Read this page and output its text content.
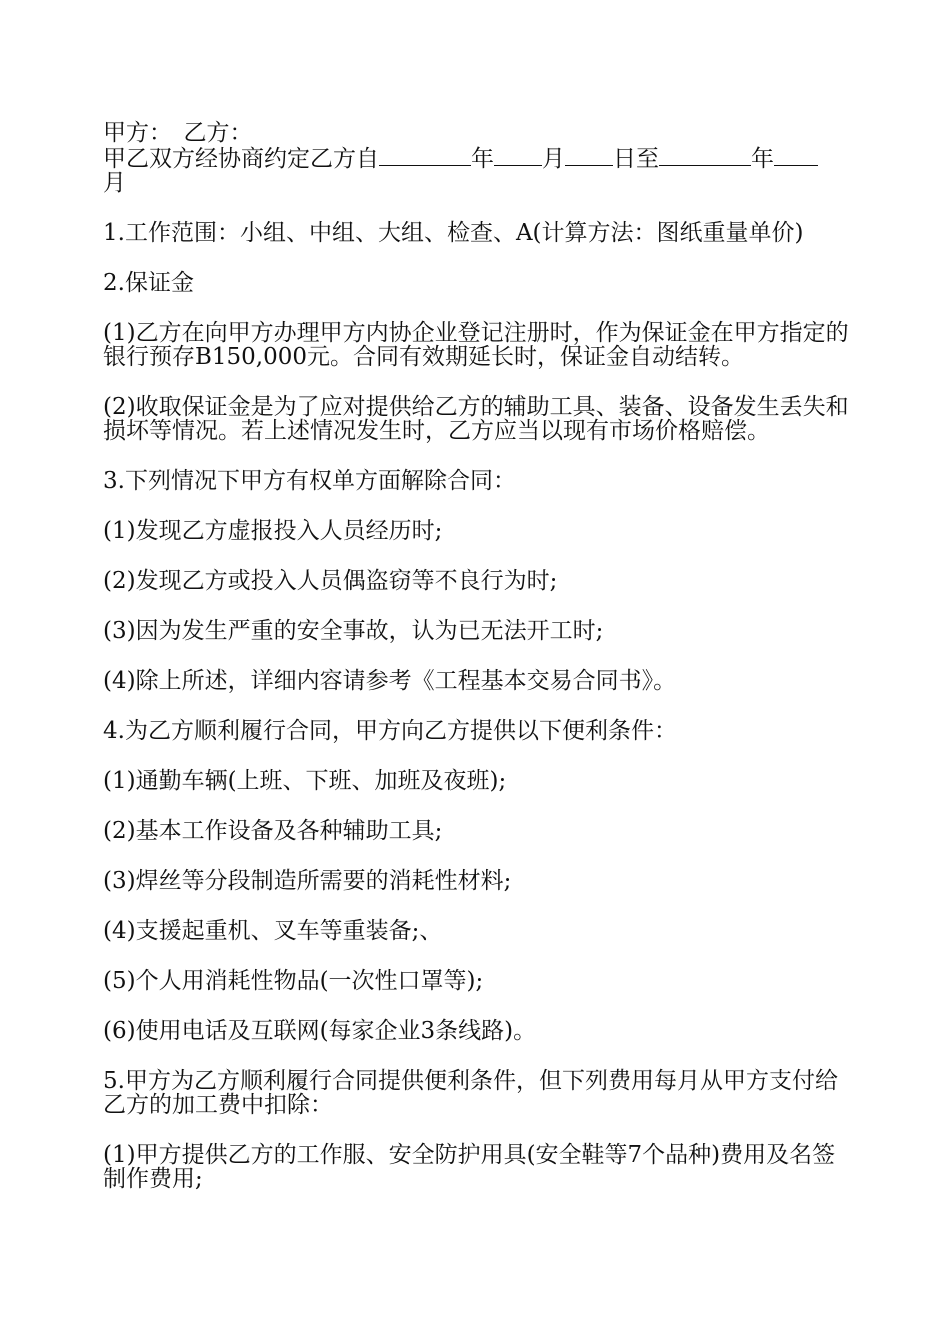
甲方：　乙方：

甲乙双方经协商约定乙方自	年 月 日至	年
月

1.工作范围：小组、中组、大组、检查、A(计算方法：图纸重量单价)

2.保证金

(1)乙方在向甲方办理甲方内协企业登记注册时，作为保证金在甲方指定的银行预存B150,000元。合同有效期延长时，保证金自动结转。

(2)收取保证金是为了应对提供给乙方的辅助工具、装备、设备发生丢失和损坏等情况。若上述情况发生时，乙方应当以现有市场价格赔偿。

3.下列情况下甲方有权单方面解除合同：

(1)发现乙方虚报投入人员经历时;

(2)发现乙方或投入人员偶盗窃等不良行为时;

(3)因为发生严重的安全事故，认为已无法开工时;

(4)除上所述，详细内容请参考《工程基本交易合同书》。

4.为乙方顺利履行合同，甲方向乙方提供以下便利条件：

(1)通勤车辆(上班、下班、加班及夜班);

(2)基本工作设备及各种辅助工具;

(3)焊丝等分段制造所需要的消耗性材料;

(4)支援起重机、叉车等重装备;、

(5)个人用消耗性物品(一次性口罩等);

(6)使用电话及互联网(每家企业3条线路)。

5.甲方为乙方顺利履行合同提供便利条件，但下列费用每月从甲方支付给乙方的加工费中扣除：

(1)甲方提供乙方的工作服、安全防护用具(安全鞋等7个品种)费用及名签制作费用;
